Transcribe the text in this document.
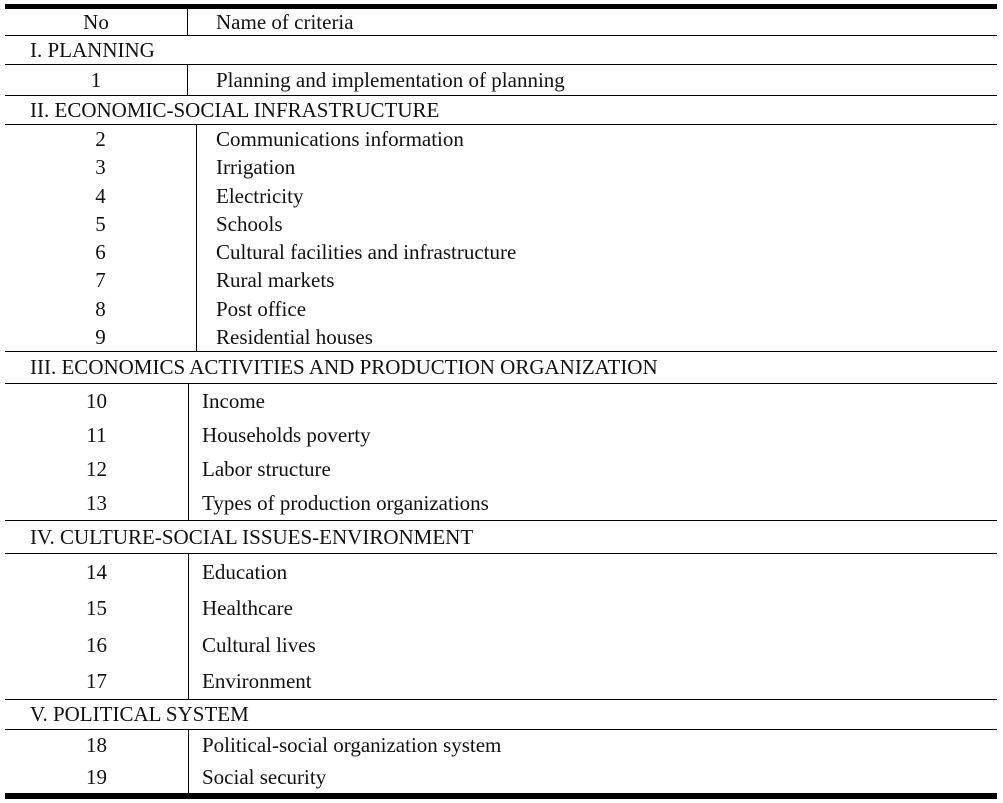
No	Name of criteria
I. PLANNING
1	Planning and implementation of planning
II. ECONOMIC-SOCIAL INFRASTRUCTURE
2
3
4
5
6
7
8
9
Communications information
Irrigation
Electricity
Schools
Cultural facilities and infrastructure
Rural markets
Post office
Residential houses
III. ECONOMICS ACTIVITIES AND PRODUCTION ORGANIZATION
10
11
12
13
Income
Households poverty
Labor structure
Types of production organizations
IV. CULTURE-SOCIAL ISSUES-ENVIRONMENT
14
15
16
17
Education
Healthcare
Cultural lives
Environment
V. POLITICAL SYSTEM
18
19
Political-social organization system
Social security
